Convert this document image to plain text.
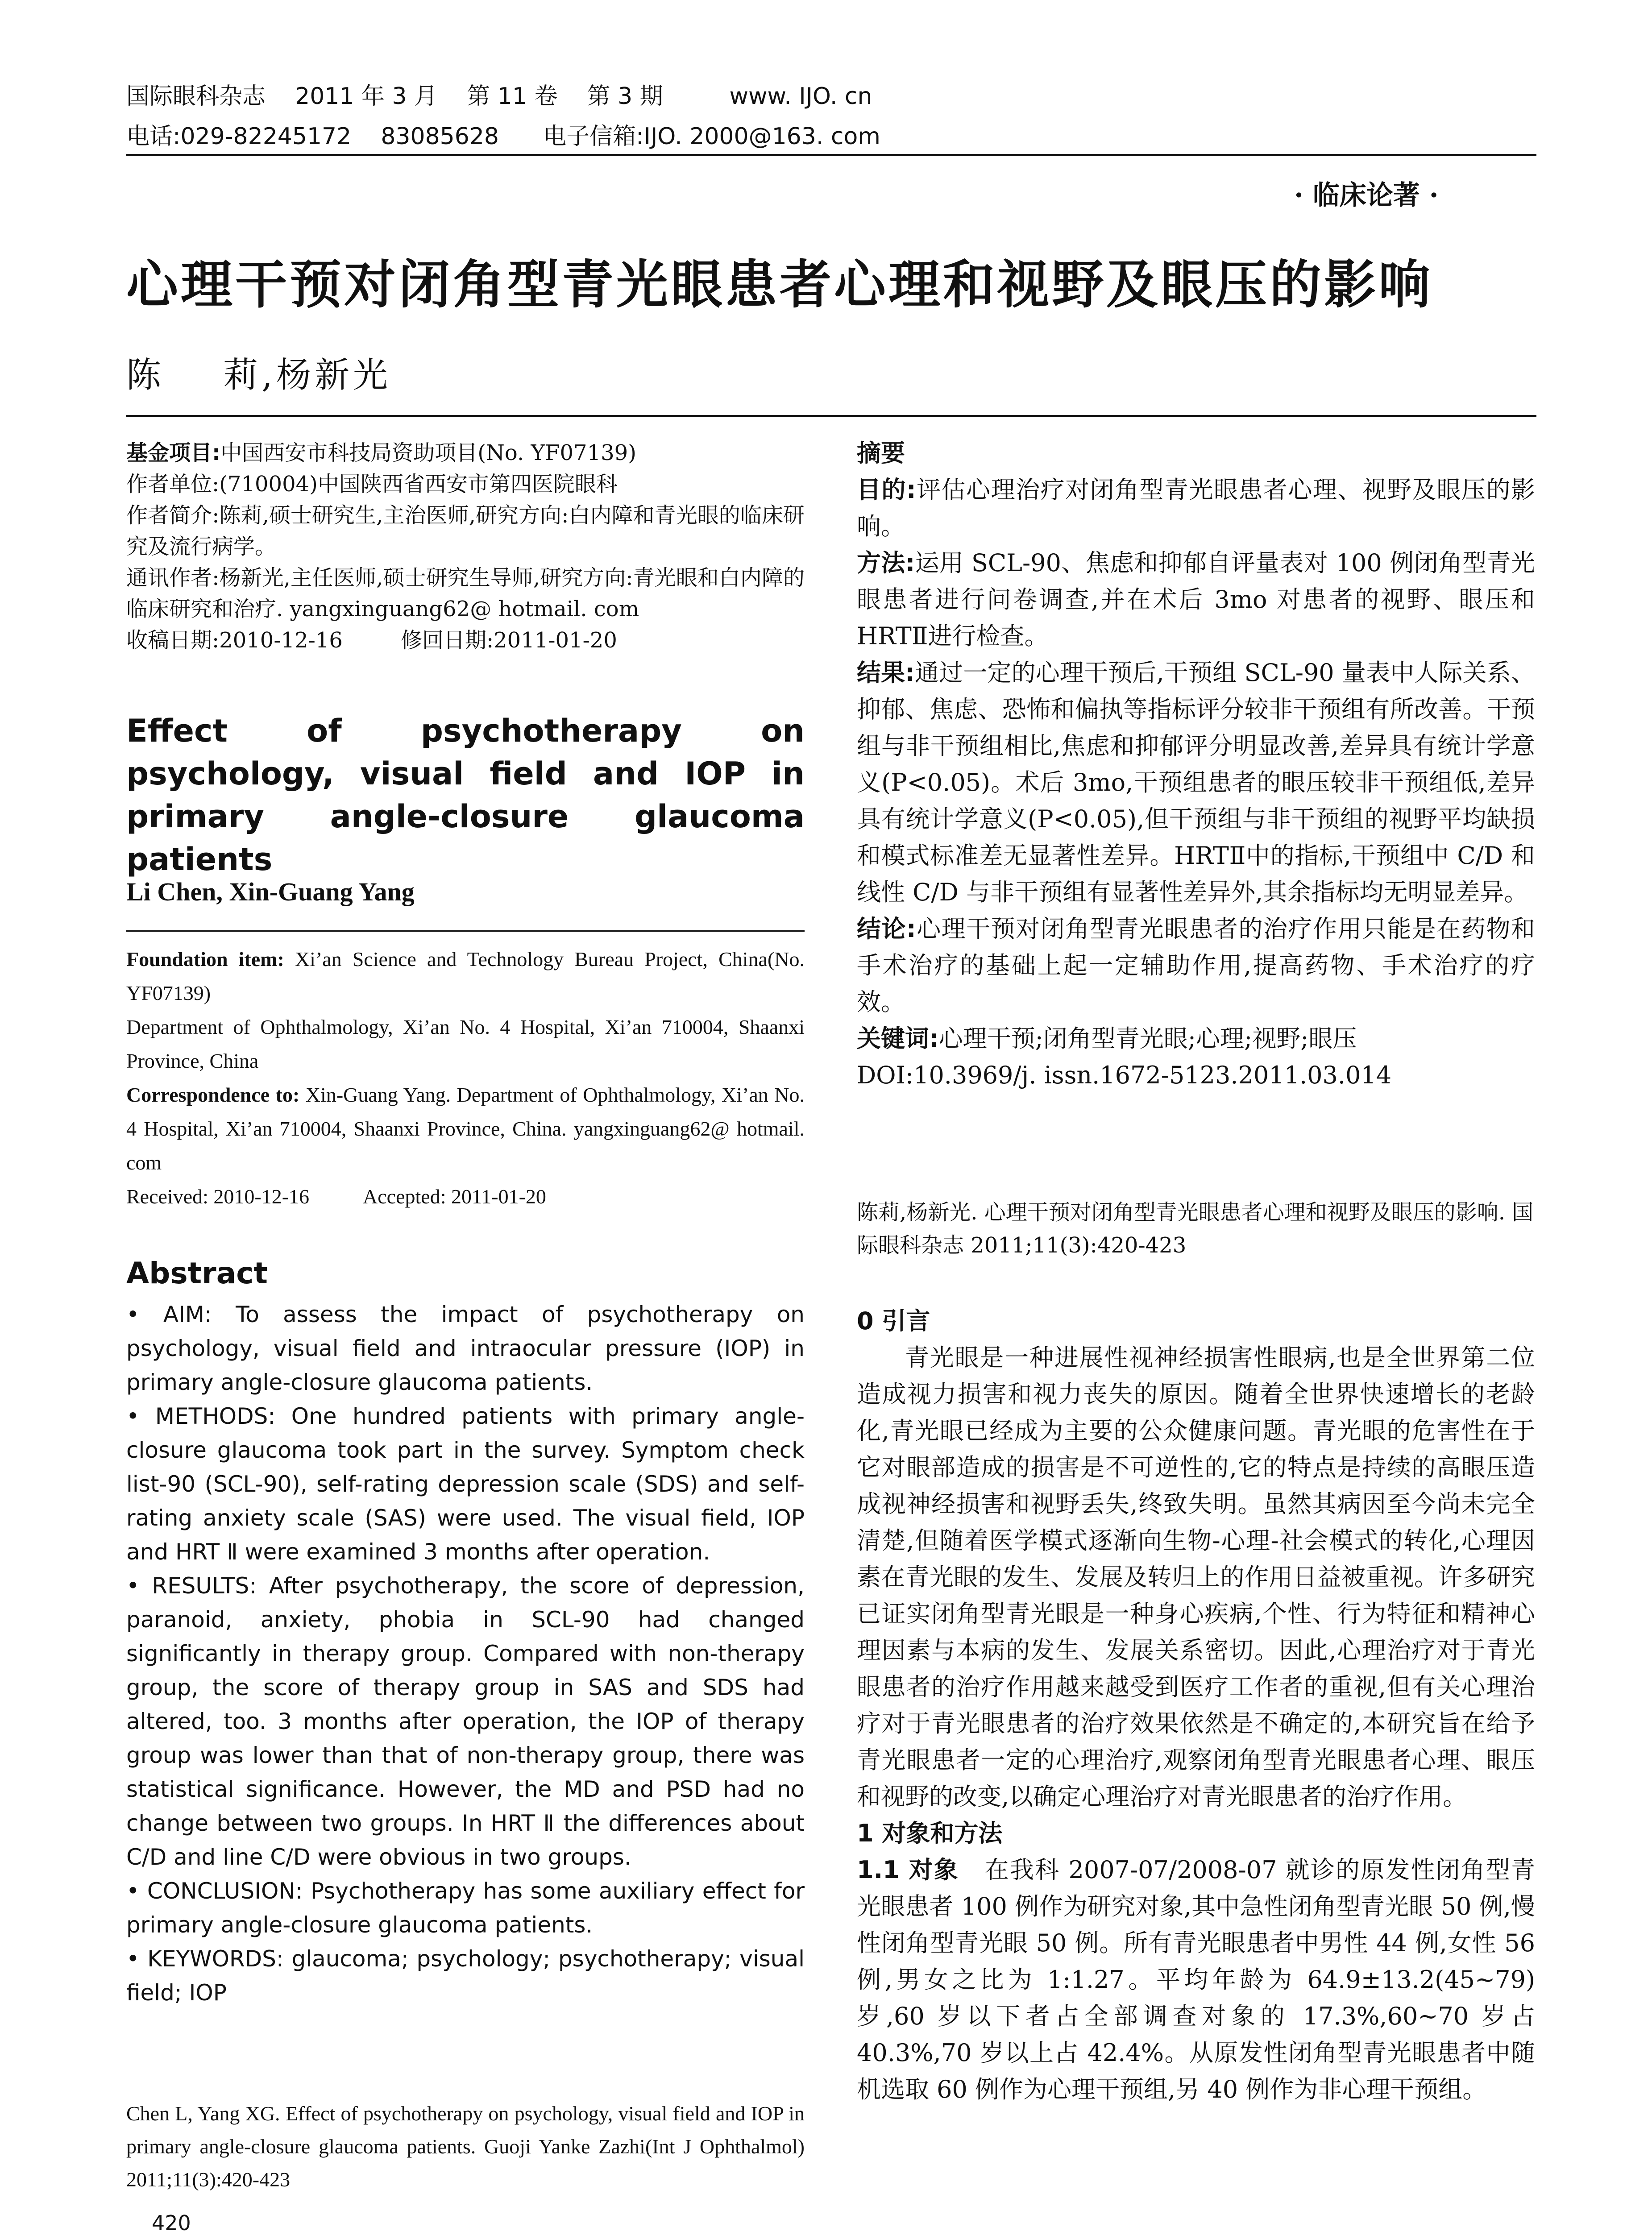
国际眼科杂志    2011 年 3 月    第 11 卷    第 3 期         www. IJO. cn
电话:029-82245172    83085628      电子信箱:IJO. 2000@163. com
· 临床论著 ·
心理干预对闭角型青光眼患者心理和视野及眼压的影响
陈    莉,杨新光

基金项目:中国西安市科技局资助项目(No. YF07139)

作者单位:(710004)中国陕西省西安市第四医院眼科

作者简介:陈莉,硕士研究生,主治医师,研究方向:白内障和青光眼的临床研究及流行病学。

通讯作者:杨新光,主任医师,硕士研究生导师,研究方向:青光眼和白内障的临床研究和治疗. yangxinguang62@ hotmail. com

收稿日期:2010-12-16	修回日期:2011-01-20

Effect of psychotherapy on psychology, visual field and IOP in primary angle-closure glaucoma patients
Li Chen, Xin-Guang Yang

Foundation item: Xi’an Science and Technology Bureau Project, China(No. YF07139)

Department of Ophthalmology, Xi’an No. 4 Hospital, Xi’an 710004, Shaanxi Province, China

Correspondence to: Xin-Guang Yang. Department of Ophthalmology, Xi’an No. 4 Hospital, Xi’an 710004, Shaanxi Province, China. yangxinguang62@ hotmail. com

Received: 2010-12-16	Accepted: 2011-01-20

Abstract

• AIM: To assess the impact of psychotherapy on psychology, visual field and intraocular pressure (IOP) in primary angle-closure glaucoma patients.

• METHODS: One hundred patients with primary angle-closure glaucoma took part in the survey. Symptom check list-90 (SCL-90), self-rating depression scale (SDS) and self-rating anxiety scale (SAS) were used. The visual field, IOP and HRT Ⅱ were examined 3 months after operation.

• RESULTS: After psychotherapy, the score of depression, paranoid, anxiety, phobia in SCL-90 had changed significantly in therapy group. Compared with non-therapy group, the score of therapy group in SAS and SDS had altered, too. 3 months after operation, the IOP of therapy group was lower than that of non-therapy group, there was statistical significance. However, the MD and PSD had no change between two groups. In HRT Ⅱ the differences about C/D and line C/D were obvious in two groups.

• CONCLUSION: Psychotherapy has some auxiliary effect for primary angle-closure glaucoma patients.

• KEYWORDS: glaucoma; psychology; psychotherapy; visual field; IOP

Chen L, Yang XG. Effect of psychotherapy on psychology, visual field and IOP in primary angle-closure glaucoma patients. Guoji Yanke Zazhi(Int J Ophthalmol) 2011;11(3):420-423

420

摘要

目的:评估心理治疗对闭角型青光眼患者心理、视野及眼压的影响。

方法:运用 SCL-90、焦虑和抑郁自评量表对 100 例闭角型青光眼患者进行问卷调查,并在术后 3mo 对患者的视野、眼压和 HRTⅡ进行检查。

结果:通过一定的心理干预后,干预组 SCL-90 量表中人际关系、抑郁、焦虑、恐怖和偏执等指标评分较非干预组有所改善。干预组与非干预组相比,焦虑和抑郁评分明显改善,差异具有统计学意义(P<0.05)。术后 3mo,干预组患者的眼压较非干预组低,差异具有统计学意义(P<0.05),但干预组与非干预组的视野平均缺损和模式标准差无显著性差异。HRTⅡ中的指标,干预组中 C/D 和线性 C/D 与非干预组有显著性差异外,其余指标均无明显差异。

结论:心理干预对闭角型青光眼患者的治疗作用只能是在药物和手术治疗的基础上起一定辅助作用,提高药物、手术治疗的疗效。

关键词:心理干预;闭角型青光眼;心理;视野;眼压

DOI:10.3969/j. issn.1672-5123.2011.03.014

陈莉,杨新光. 心理干预对闭角型青光眼患者心理和视野及眼压的影响. 国际眼科杂志 2011;11(3):420-423

0 引言

青光眼是一种进展性视神经损害性眼病,也是全世界第二位造成视力损害和视力丧失的原因。随着全世界快速增长的老龄化,青光眼已经成为主要的公众健康问题。青光眼的危害性在于它对眼部造成的损害是不可逆性的,它的特点是持续的高眼压造成视神经损害和视野丢失,终致失明。虽然其病因至今尚未完全清楚,但随着医学模式逐渐向生物-心理-社会模式的转化,心理因素在青光眼的发生、发展及转归上的作用日益被重视。许多研究已证实闭角型青光眼是一种身心疾病,个性、行为特征和精神心理因素与本病的发生、发展关系密切。因此,心理治疗对于青光眼患者的治疗作用越来越受到医疗工作者的重视,但有关心理治疗对于青光眼患者的治疗效果依然是不确定的,本研究旨在给予青光眼患者一定的心理治疗,观察闭角型青光眼患者心理、眼压和视野的改变,以确定心理治疗对青光眼患者的治疗作用。

1 对象和方法

1.1 对象   在我科 2007-07/2008-07 就诊的原发性闭角型青光眼患者 100 例作为研究对象,其中急性闭角型青光眼 50 例,慢性闭角型青光眼 50 例。所有青光眼患者中男性 44 例,女性 56 例,男女之比为 1:1.27。平均年龄为 64.9±13.2(45~79)岁,60 岁以下者占全部调查对象的 17.3%,60~70 岁占 40.3%,70 岁以上占 42.4%。从原发性闭角型青光眼患者中随机选取 60 例作为心理干预组,另 40 例作为非心理干预组。
